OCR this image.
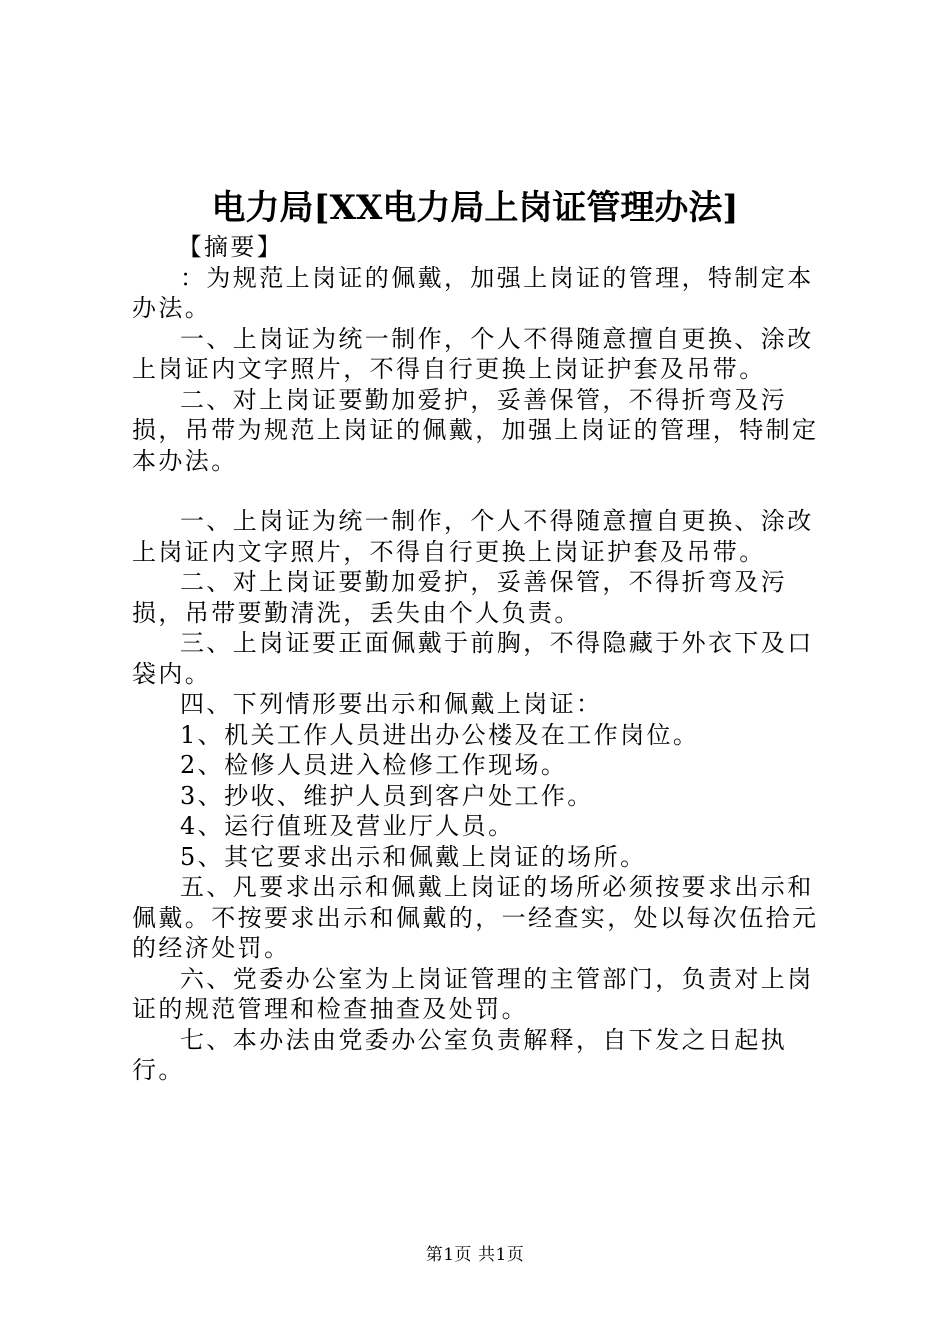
电力局[XX电力局上岗证管理办法]

【摘要】

：为规范上岗证的佩戴，加强上岗证的管理，特制定本办法。

一、上岗证为统一制作，个人不得随意擅自更换、涂改上岗证内文字照片，不得自行更换上岗证护套及吊带。

二、对上岗证要勤加爱护，妥善保管，不得折弯及污损，吊带为规范上岗证的佩戴，加强上岗证的管理，特制定本办法。

一、上岗证为统一制作，个人不得随意擅自更换、涂改上岗证内文字照片，不得自行更换上岗证护套及吊带。

二、对上岗证要勤加爱护，妥善保管，不得折弯及污损，吊带要勤清洗，丢失由个人负责。

三、上岗证要正面佩戴于前胸，不得隐藏于外衣下及口袋内。

四、下列情形要出示和佩戴上岗证：

1、机关工作人员进出办公楼及在工作岗位。

2、检修人员进入检修工作现场。

3、抄收、维护人员到客户处工作。

4、运行值班及营业厅人员。

5、其它要求出示和佩戴上岗证的场所。

五、凡要求出示和佩戴上岗证的场所必须按要求出示和佩戴。不按要求出示和佩戴的，一经查实，处以每次伍拾元的经济处罚。

六、党委办公室为上岗证管理的主管部门，负责对上岗证的规范管理和检查抽查及处罚。

七、本办法由党委办公室负责解释，自下发之日起执行。

第1页 共1页
